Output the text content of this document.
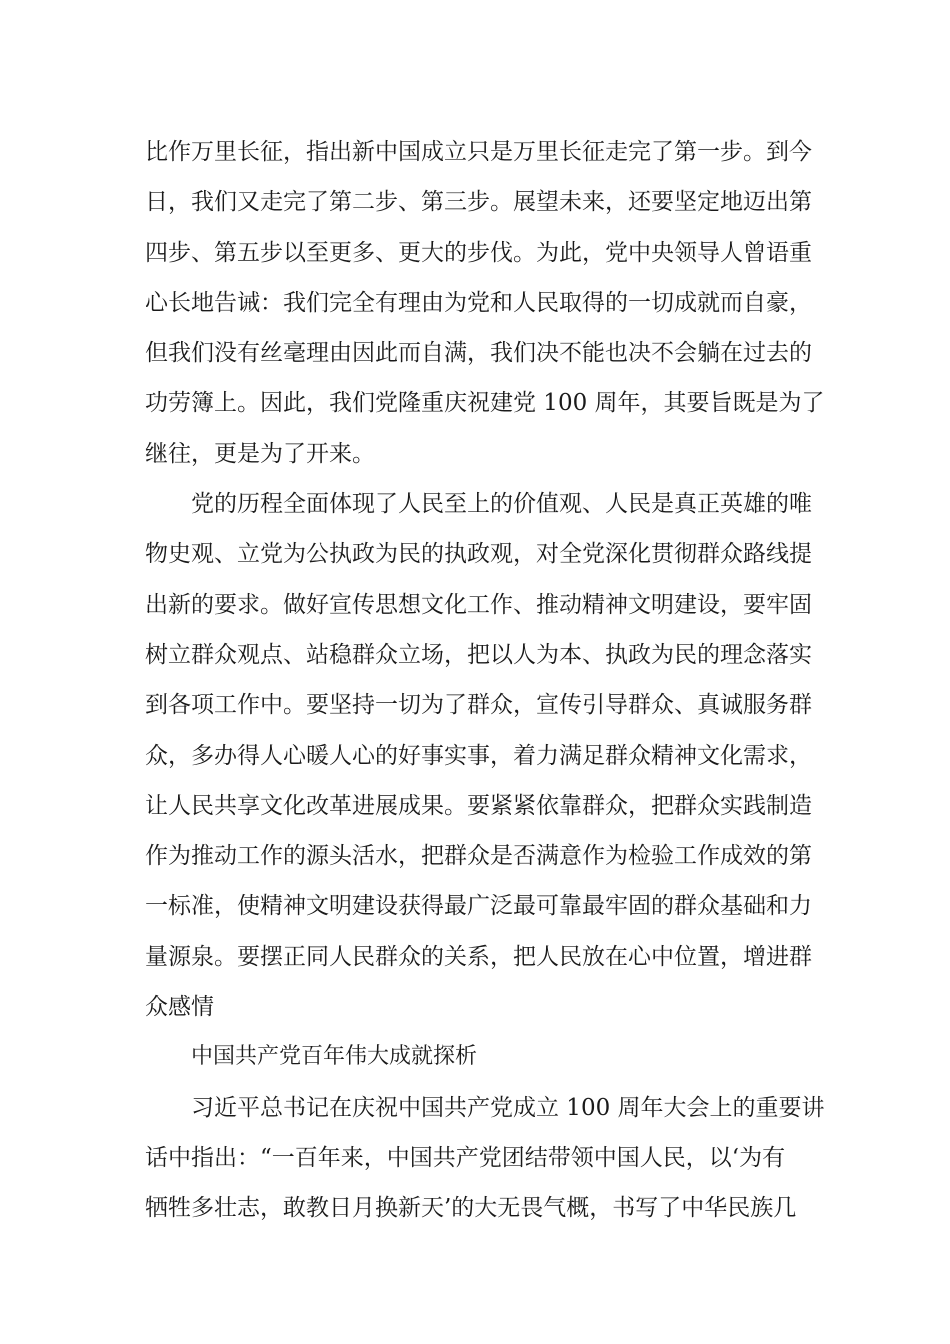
比作万里长征，指出新中国成立只是万里长征走完了第一步。到今
日，我们又走完了第二步、第三步。展望未来，还要坚定地迈出第
四步、第五步以至更多、更大的步伐。为此，党中央领导人曾语重
心长地告诫：我们完全有理由为党和人民取得的一切成就而自豪，
但我们没有丝毫理由因此而自满，我们决不能也决不会躺在过去的
功劳簿上。因此，我们党隆重庆祝建党 100 周年，其要旨既是为了
继往，更是为了开来。
党的历程全面体现了人民至上的价值观、人民是真正英雄的唯
物史观、立党为公执政为民的执政观，对全党深化贯彻群众路线提
出新的要求。做好宣传思想文化工作、推动精神文明建设，要牢固
树立群众观点、站稳群众立场，把以人为本、执政为民的理念落实
到各项工作中。要坚持一切为了群众，宣传引导群众、真诚服务群
众，多办得人心暖人心的好事实事，着力满足群众精神文化需求，
让人民共享文化改革进展成果。要紧紧依靠群众，把群众实践制造
作为推动工作的源头活水，把群众是否满意作为检验工作成效的第
一标准，使精神文明建设获得最广泛最可靠最牢固的群众基础和力
量源泉。要摆正同人民群众的关系，把人民放在心中位置，增进群
众感情
中国共产党百年伟大成就探析
习近平总书记在庆祝中国共产党成立 100 周年大会上的重要讲
话中指出：“一百年来，中国共产党团结带领中国人民，以‘为有
牺牲多壮志，敢教日月换新天’的大无畏气概，书写了中华民族几
